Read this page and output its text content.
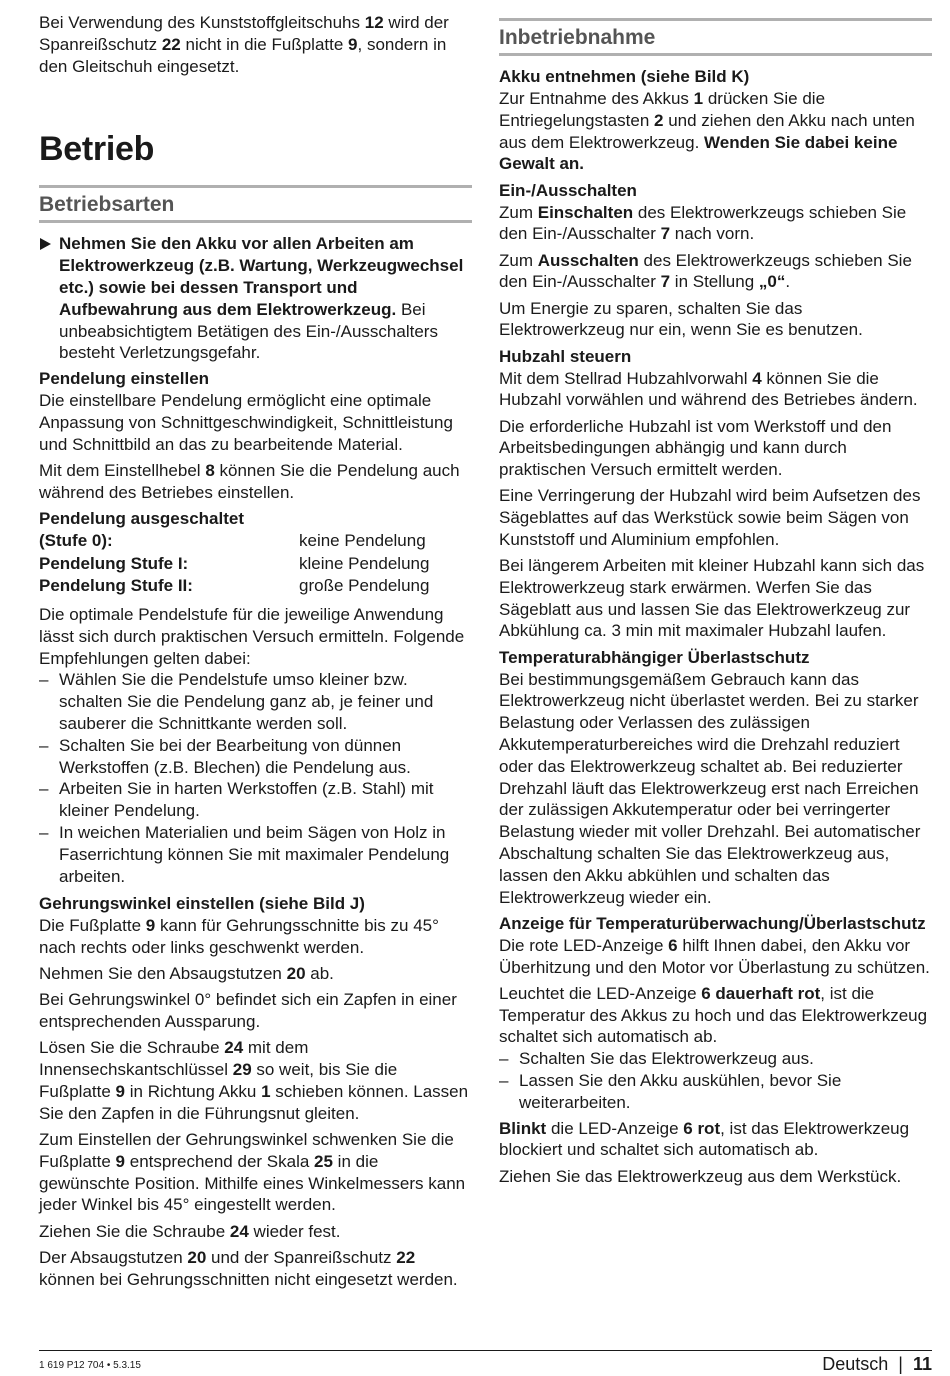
Bei Verwendung des Kunststoffgleitschuhs 12 wird der Spanreißschutz 22 nicht in die Fußplatte 9, sondern in den Gleitschuh eingesetzt.

Betrieb
Betriebsarten

Nehmen Sie den Akku vor allen Arbeiten am Elektrowerkzeug (z.B. Wartung, Werkzeugwechsel etc.) sowie bei dessen Transport und Aufbewahrung aus dem Elektrowerkzeug. Bei unbeabsichtigtem Betätigen des Ein-/Ausschalters besteht Verletzungsgefahr.

Pendelung einstellen

Die einstellbare Pendelung ermöglicht eine optimale Anpassung von Schnittgeschwindigkeit, Schnittleistung und Schnittbild an das zu bearbeitende Material.

Mit dem Einstellhebel 8 können Sie die Pendelung auch während des Betriebes einstellen.

Pendelung ausgeschaltet	
(Stufe 0):	keine Pendelung
Pendelung Stufe I:	kleine Pendelung
Pendelung Stufe II:	große Pendelung

Die optimale Pendelstufe für die jeweilige Anwendung lässt sich durch praktischen Versuch ermitteln. Folgende Empfehlungen gelten dabei:

– Wählen Sie die Pendelstufe umso kleiner bzw. schalten Sie die Pendelung ganz ab, je feiner und sauberer die Schnittkante werden soll.
– Schalten Sie bei der Bearbeitung von dünnen Werkstoffen (z.B. Blechen) die Pendelung aus.
– Arbeiten Sie in harten Werkstoffen (z.B. Stahl) mit kleiner Pendelung.
– In weichen Materialien und beim Sägen von Holz in Faserrichtung können Sie mit maximaler Pendelung arbeiten.
Gehrungswinkel einstellen (siehe Bild J)

Die Fußplatte 9 kann für Gehrungsschnitte bis zu 45° nach rechts oder links geschwenkt werden.

Nehmen Sie den Absaugstutzen 20 ab.

Bei Gehrungswinkel 0° befindet sich ein Zapfen in einer entsprechenden Aussparung.

Lösen Sie die Schraube 24 mit dem Innensechskantschlüssel 29 so weit, bis Sie die Fußplatte 9 in Richtung Akku 1 schieben können. Lassen Sie den Zapfen in die Führungsnut gleiten.

Zum Einstellen der Gehrungswinkel schwenken Sie die Fußplatte 9 entsprechend der Skala 25 in die gewünschte Position. Mithilfe eines Winkelmessers kann jeder Winkel bis 45° eingestellt werden.

Ziehen Sie die Schraube 24 wieder fest.

Der Absaugstutzen 20 und der Spanreißschutz 22 können bei Gehrungsschnitten nicht eingesetzt werden.

Inbetriebnahme
Akku entnehmen (siehe Bild K)

Zur Entnahme des Akkus 1 drücken Sie die Entriegelungstasten 2 und ziehen den Akku nach unten aus dem Elektrowerkzeug. Wenden Sie dabei keine Gewalt an.

Ein-/Ausschalten

Zum Einschalten des Elektrowerkzeugs schieben Sie den Ein-/Ausschalter 7 nach vorn.

Zum Ausschalten des Elektrowerkzeugs schieben Sie den Ein-/Ausschalter 7 in Stellung „0“.

Um Energie zu sparen, schalten Sie das Elektrowerkzeug nur ein, wenn Sie es benutzen.

Hubzahl steuern

Mit dem Stellrad Hubzahlvorwahl 4 können Sie die Hubzahl vorwählen und während des Betriebes ändern.

Die erforderliche Hubzahl ist vom Werkstoff und den Arbeitsbedingungen abhängig und kann durch praktischen Versuch ermittelt werden.

Eine Verringerung der Hubzahl wird beim Aufsetzen des Sägeblattes auf das Werkstück sowie beim Sägen von Kunststoff und Aluminium empfohlen.

Bei längerem Arbeiten mit kleiner Hubzahl kann sich das Elektrowerkzeug stark erwärmen. Werfen Sie das Sägeblatt aus und lassen Sie das Elektrowerkzeug zur Abkühlung ca. 3 min mit maximaler Hubzahl laufen.

Temperaturabhängiger Überlastschutz

Bei bestimmungsgemäßem Gebrauch kann das Elektrowerkzeug nicht überlastet werden. Bei zu starker Belastung oder Verlassen des zulässigen Akkutemperaturbereiches wird die Drehzahl reduziert oder das Elektrowerkzeug schaltet ab. Bei reduzierter Drehzahl läuft das Elektrowerkzeug erst nach Erreichen der zulässigen Akkutemperatur oder bei verringerter Belastung wieder mit voller Drehzahl. Bei automatischer Abschaltung schalten Sie das Elektrowerkzeug aus, lassen den Akku abkühlen und schalten das Elektrowerkzeug wieder ein.

Anzeige für Temperaturüberwachung/Überlastschutz

Die rote LED-Anzeige 6 hilft Ihnen dabei, den Akku vor Überhitzung und den Motor vor Überlastung zu schützen.

Leuchtet die LED-Anzeige 6 dauerhaft rot, ist die Temperatur des Akkus zu hoch und das Elektrowerkzeug schaltet sich automatisch ab.

– Schalten Sie das Elektrowerkzeug aus.
– Lassen Sie den Akku auskühlen, bevor Sie weiterarbeiten.

Blinkt die LED-Anzeige 6 rot, ist das Elektrowerkzeug blockiert und schaltet sich automatisch ab.

Ziehen Sie das Elektrowerkzeug aus dem Werkstück.

1 619 P12 704 • 5.3.15	Deutsch | 11
